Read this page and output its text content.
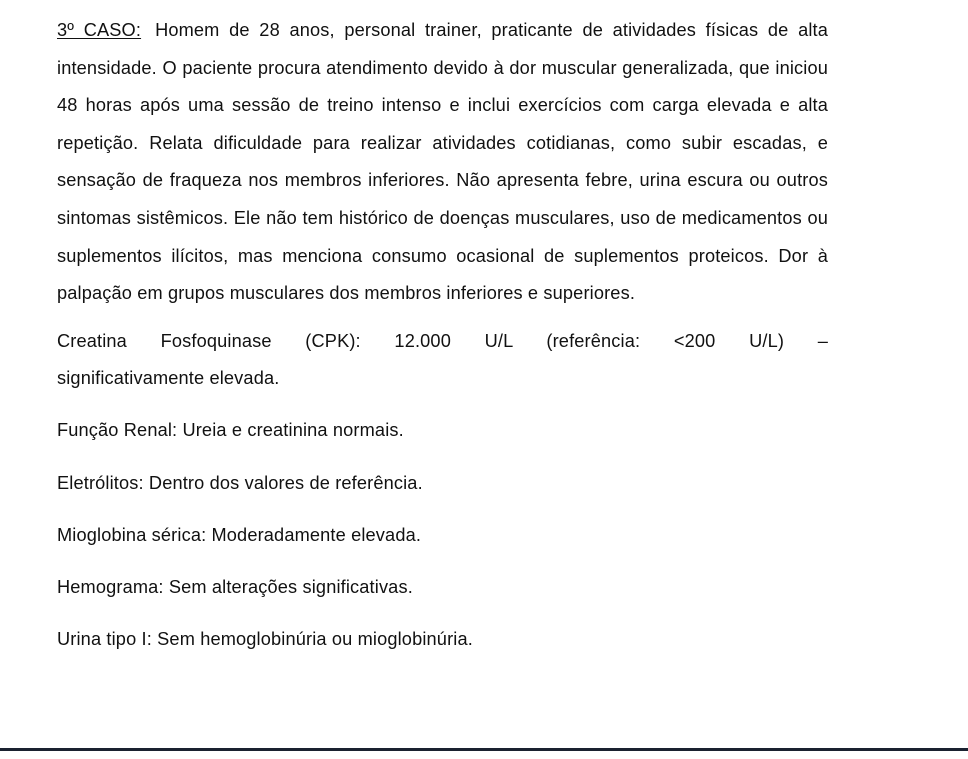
3º CASO: Homem de 28 anos, personal trainer, praticante de atividades físicas de alta intensidade. O paciente procura atendimento devido à dor muscular generalizada, que iniciou 48 horas após uma sessão de treino intenso e inclui exercícios com carga elevada e alta repetição. Relata dificuldade para realizar atividades cotidianas, como subir escadas, e sensação de fraqueza nos membros inferiores. Não apresenta febre, urina escura ou outros sintomas sistêmicos. Ele não tem histórico de doenças musculares, uso de medicamentos ou suplementos ilícitos, mas menciona consumo ocasional de suplementos proteicos. Dor à palpação em grupos musculares dos membros inferiores e superiores.

Creatina Fosfoquinase (CPK): 12.000 U/L (referência: <200 U/L) –
significativamente elevada.

Função Renal: Ureia e creatinina normais.

Eletrólitos: Dentro dos valores de referência.

Mioglobina sérica: Moderadamente elevada.

Hemograma: Sem alterações significativas.

Urina tipo I: Sem hemoglobinúria ou mioglobinúria.
